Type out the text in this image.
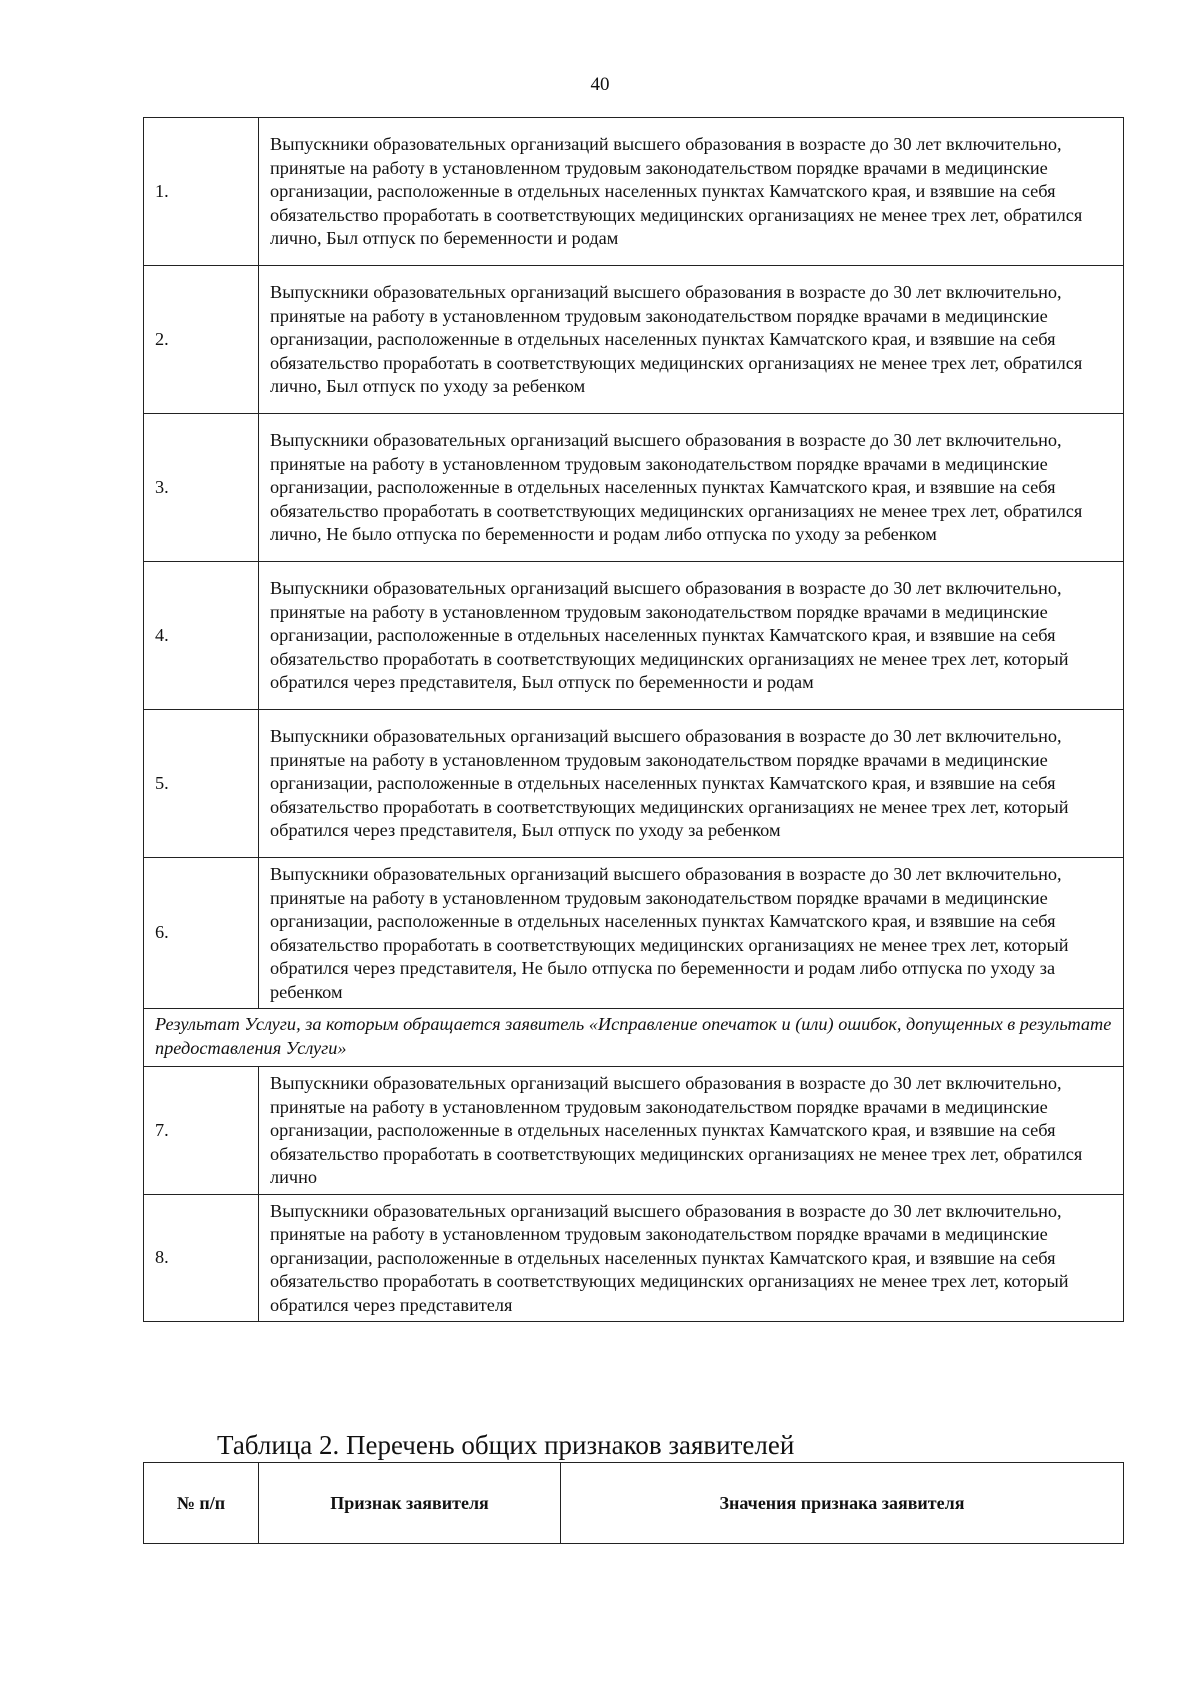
40
1.	Выпускники образовательных организаций высшего образования в возрасте до 30 лет включительно, принятые на работу в установленном трудовым законодательством порядке врачами в медицинские организации, расположенные в отдельных населенных пунктах Камчатского края, и взявшие на себя обязательство проработать в соответствующих медицинских организациях не менее трех лет, обратился лично, Был отпуск по беременности и родам
2.	Выпускники образовательных организаций высшего образования в возрасте до 30 лет включительно, принятые на работу в установленном трудовым законодательством порядке врачами в медицинские организации, расположенные в отдельных населенных пунктах Камчатского края, и взявшие на себя обязательство проработать в соответствующих медицинских организациях не менее трех лет, обратился лично, Был отпуск по уходу за ребенком
3.	Выпускники образовательных организаций высшего образования в возрасте до 30 лет включительно, принятые на работу в установленном трудовым законодательством порядке врачами в медицинские организации, расположенные в отдельных населенных пунктах Камчатского края, и взявшие на себя обязательство проработать в соответствующих медицинских организациях не менее трех лет, обратился лично, Не было отпуска по беременности и родам либо отпуска по уходу за ребенком
4.	Выпускники образовательных организаций высшего образования в возрасте до 30 лет включительно, принятые на работу в установленном трудовым законодательством порядке врачами в медицинские организации, расположенные в отдельных населенных пунктах Камчатского края, и взявшие на себя обязательство проработать в соответствующих медицинских организациях не менее трех лет, который обратился через представителя, Был отпуск по беременности и родам
5.	Выпускники образовательных организаций высшего образования в возрасте до 30 лет включительно, принятые на работу в установленном трудовым законодательством порядке врачами в медицинские организации, расположенные в отдельных населенных пунктах Камчатского края, и взявшие на себя обязательство проработать в соответствующих медицинских организациях не менее трех лет, который обратился через представителя, Был отпуск по уходу за ребенком
6.	Выпускники образовательных организаций высшего образования в возрасте до 30 лет включительно, принятые на работу в установленном трудовым законодательством порядке врачами в медицинские организации, расположенные в отдельных населенных пунктах Камчатского края, и взявшие на себя обязательство проработать в соответствующих медицинских организациях не менее трех лет, который обратился через представителя, Не было отпуска по беременности и родам либо отпуска по уходу за ребенком
Результат Услуги, за которым обращается заявитель «Исправление опечаток и (или) ошибок, допущенных в результате предоставления Услуги»	
7.	Выпускники образовательных организаций высшего образования в возрасте до 30 лет включительно, принятые на работу в установленном трудовым законодательством порядке врачами в медицинские организации, расположенные в отдельных населенных пунктах Камчатского края, и взявшие на себя обязательство проработать в соответствующих медицинских организациях не менее трех лет, обратился лично
8.	Выпускники образовательных организаций высшего образования в возрасте до 30 лет включительно, принятые на работу в установленном трудовым законодательством порядке врачами в медицинские организации, расположенные в отдельных населенных пунктах Камчатского края, и взявшие на себя обязательство проработать в соответствующих медицинских организациях не менее трех лет, который обратился через представителя
Таблица 2. Перечень общих признаков заявителей
№ п/п	Признак заявителя	Значения признака заявителя
